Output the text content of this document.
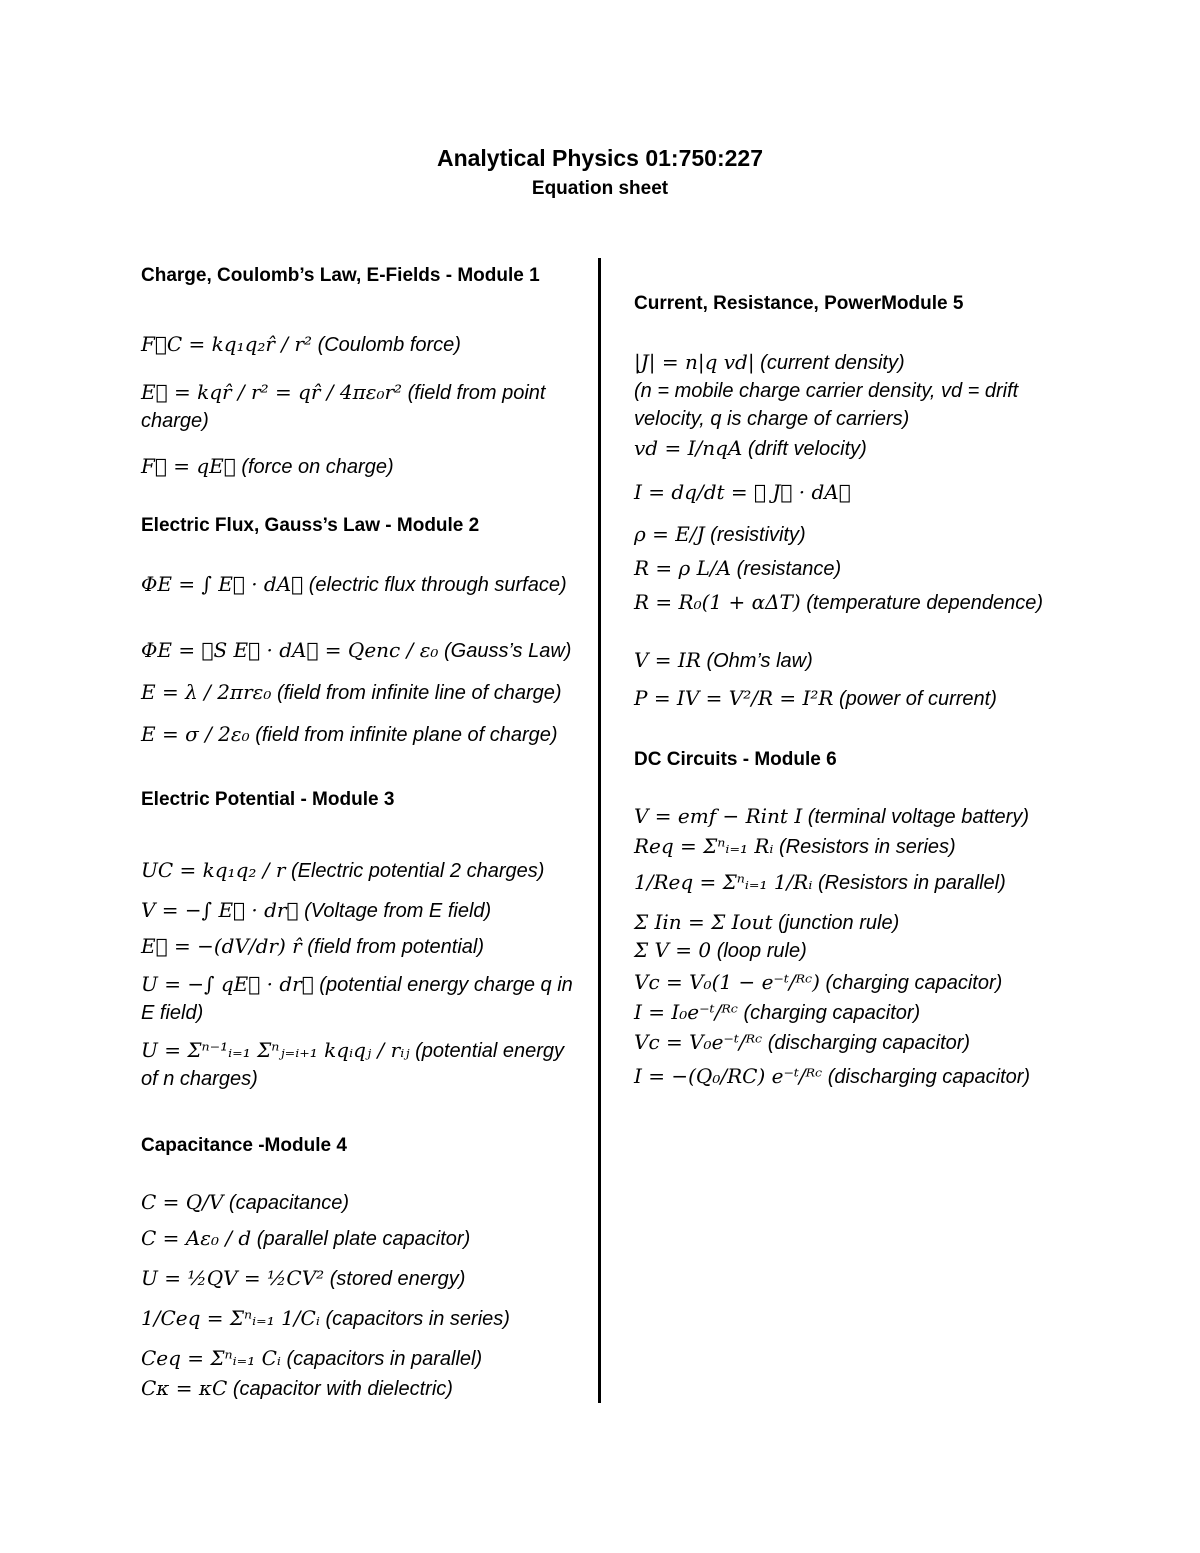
Analytical Physics 01:750:227
Equation sheet
Charge, Coulomb’s Law, E-Fields - Module 1
F⃗C = kq₁q₂r̂ / r² (Coulomb force)
E⃗ = kqr̂ / r² = qr̂ / 4πε₀r² (field from point charge)
F⃗ = qE⃗ (force on charge)
Electric Flux, Gauss’s Law - Module 2
ΦE = ∫ E⃗ · dA⃗ (electric flux through surface)
ΦE = ∮S E⃗ · dA⃗ = Qenc / ε₀ (Gauss’s Law)
E = λ / 2πrε₀ (field from infinite line of charge)
E = σ / 2ε₀ (field from infinite plane of charge)
Electric Potential - Module 3
UC = kq₁q₂ / r (Electric potential 2 charges)
V = −∫ E⃗ · dr⃗ (Voltage from E field)
E⃗ = −(dV/dr) r̂ (field from potential)
U = −∫ qE⃗ · dr⃗ (potential energy charge q in E field)
U = Σⁿ⁻¹ᵢ₌₁ Σⁿⱼ₌ᵢ₊₁ kqᵢqⱼ / rᵢⱼ (potential energy of n charges)
Capacitance -Module 4
C = Q/V (capacitance)
C = Aε₀ / d (parallel plate capacitor)
U = ½QV = ½CV² (stored energy)
1/Ceq = Σⁿᵢ₌₁ 1/Cᵢ (capacitors in series)
Ceq = Σⁿᵢ₌₁ Cᵢ (capacitors in parallel)
Cκ = κC (capacitor with dielectric)
Current, Resistance, PowerModule 5
|J| = n|q vd| (current density)
(n = mobile charge carrier density, vd = drift velocity, q is charge of carriers)
vd = I/nqA (drift velocity)
I = dq/dt = ∮ J⃗ · dA⃗
ρ = E/J (resistivity)
R = ρ L/A (resistance)
R = R₀(1 + αΔT) (temperature dependence)
V = IR (Ohm’s law)
P = IV = V²/R = I²R (power of current)
DC Circuits - Module 6
V = emf − Rint I (terminal voltage battery)
Req = Σⁿᵢ₌₁ Rᵢ (Resistors in series)
1/Req = Σⁿᵢ₌₁ 1/Rᵢ (Resistors in parallel)
Σ Iin = Σ Iout (junction rule)
Σ V = 0 (loop rule)
Vc = V₀(1 − e⁻ᵗ/ᴿᶜ) (charging capacitor)
I = I₀e⁻ᵗ/ᴿᶜ (charging capacitor)
Vc = V₀e⁻ᵗ/ᴿᶜ (discharging capacitor)
I = −(Q₀/RC) e⁻ᵗ/ᴿᶜ (discharging capacitor)
